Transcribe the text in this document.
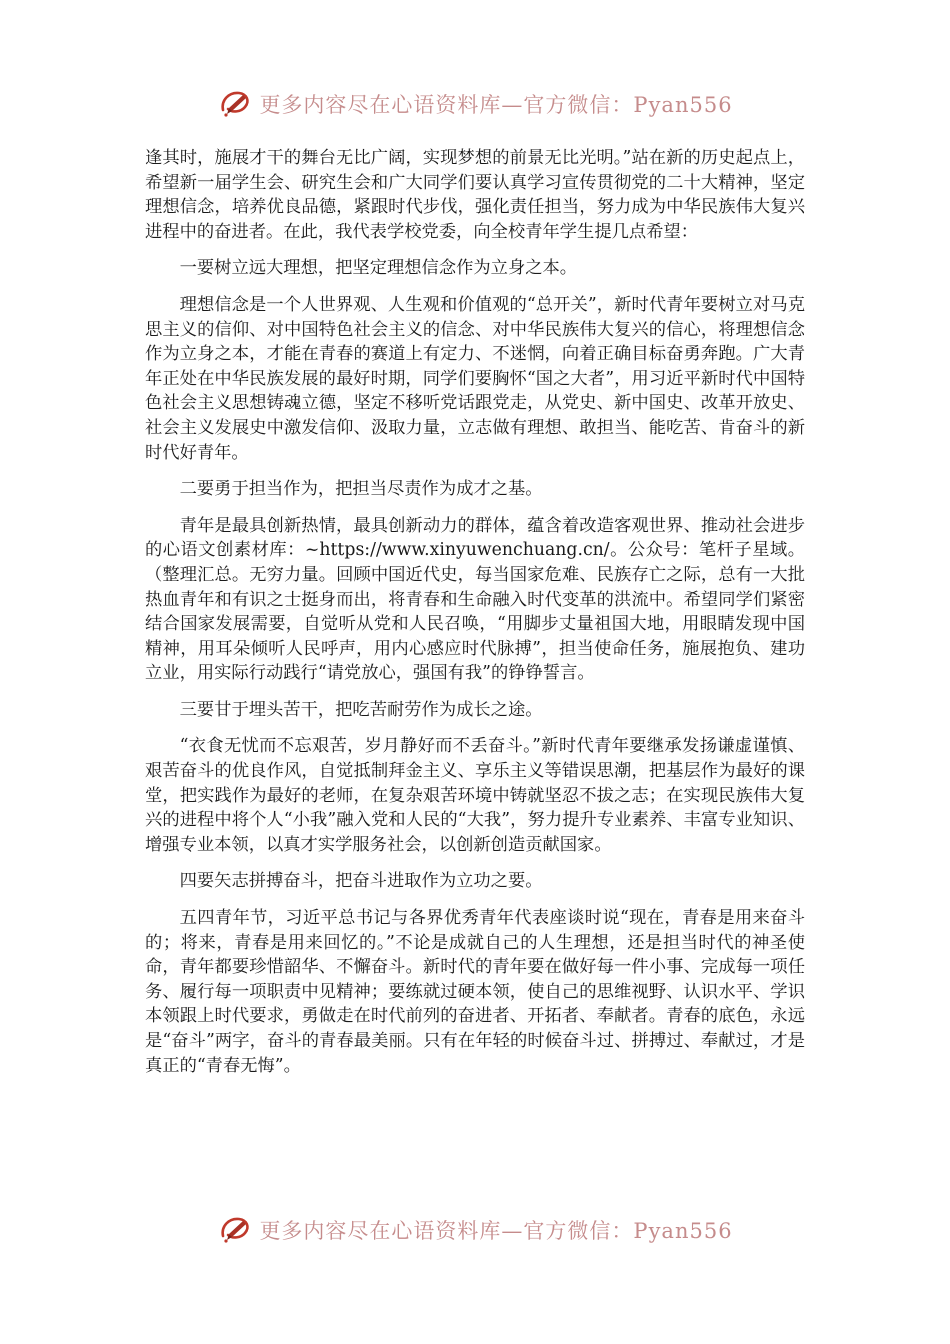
更多内容尽在心语资料库—官方微信：Pyan556

逢其时，施展才干的舞台无比广阔，实现梦想的前景无比光明。”站在新的历史起点上，希望新一届学生会、研究生会和广大同学们要认真学习宣传贯彻党的二十大精神，坚定理想信念，培养优良品德，紧跟时代步伐，强化责任担当，努力成为中华民族伟大复兴进程中的奋进者。在此，我代表学校党委，向全校青年学生提几点希望：

一要树立远大理想，把坚定理想信念作为立身之本。

理想信念是一个人世界观、人生观和价值观的“总开关”，新时代青年要树立对马克思主义的信仰、对中国特色社会主义的信念、对中华民族伟大复兴的信心，将理想信念作为立身之本，才能在青春的赛道上有定力、不迷惘，向着正确目标奋勇奔跑。广大青年正处在中华民族发展的最好时期，同学们要胸怀“国之大者”，用习近平新时代中国特色社会主义思想铸魂立德，坚定不移听党话跟党走，从党史、新中国史、改革开放史、社会主义发展史中激发信仰、汲取力量，立志做有理想、敢担当、能吃苦、肯奋斗的新时代好青年。

二要勇于担当作为，把担当尽责作为成才之基。

青年是最具创新热情，最具创新动力的群体，蕴含着改造客观世界、推动社会进步的心语文创素材库：~https://www.xinyuwenchuang.cn/。公众号：笔杆子星域。（整理汇总。无穷力量。回顾中国近代史，每当国家危难、民族存亡之际，总有一大批热血青年和有识之士挺身而出，将青春和生命融入时代变革的洪流中。希望同学们紧密结合国家发展需要，自觉听从党和人民召唤，“用脚步丈量祖国大地，用眼睛发现中国精神，用耳朵倾听人民呼声，用内心感应时代脉搏”，担当使命任务，施展抱负、建功立业，用实际行动践行“请党放心，强国有我”的铮铮誓言。

三要甘于埋头苦干，把吃苦耐劳作为成长之途。

“衣食无忧而不忘艰苦，岁月静好而不丢奋斗。”新时代青年要继承发扬谦虚谨慎、艰苦奋斗的优良作风，自觉抵制拜金主义、享乐主义等错误思潮，把基层作为最好的课堂，把实践作为最好的老师，在复杂艰苦环境中铸就坚忍不拔之志；在实现民族伟大复兴的进程中将个人“小我”融入党和人民的“大我”，努力提升专业素养、丰富专业知识、增强专业本领，以真才实学服务社会，以创新创造贡献国家。

四要矢志拼搏奋斗，把奋斗进取作为立功之要。

五四青年节，习近平总书记与各界优秀青年代表座谈时说“现在，青春是用来奋斗的；将来，青春是用来回忆的。”不论是成就自己的人生理想，还是担当时代的神圣使命，青年都要珍惜韶华、不懈奋斗。新时代的青年要在做好每一件小事、完成每一项任务、履行每一项职责中见精神；要练就过硬本领，使自己的思维视野、认识水平、学识本领跟上时代要求，勇做走在时代前列的奋进者、开拓者、奉献者。青春的底色，永远是“奋斗”两字，奋斗的青春最美丽。只有在年轻的时候奋斗过、拼搏过、奉献过，才是真正的“青春无悔”。

更多内容尽在心语资料库—官方微信：Pyan556
